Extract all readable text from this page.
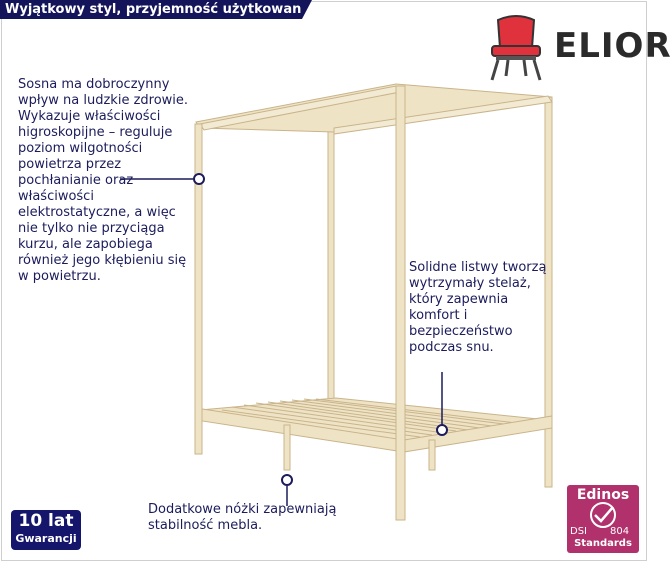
Wyjątkowy styl, przyjemność użytkowania!
ELIOR
Sosna ma dobroczynny wpływ na ludzkie zdrowie. Wykazuje właściwości higroskopijne – reguluje poziom wilgotności powietrza przez pochłanianie oraz właściwości elektrostatyczne, a więc nie tylko nie przyciąga kurzu, ale zapobiega również jego kłębieniu się w powietrzu.
Solidne listwy tworzą wytrzymały stelaż, który zapewnia komfort i bezpieczeństwo podczas snu.
Dodatkowe nóżki zapewniają stabilność mebla.
10 lat
Gwarancji
Edinos
DSI 804
Standards
